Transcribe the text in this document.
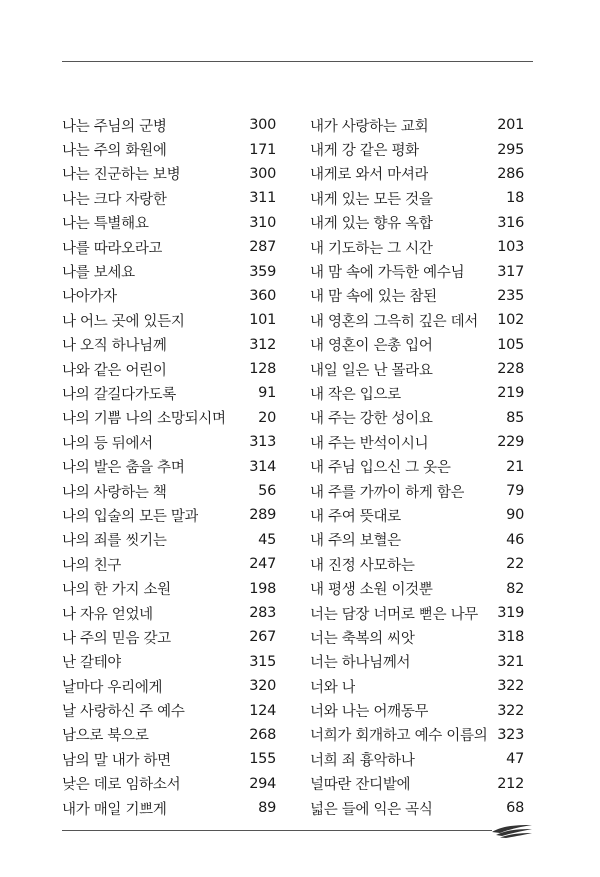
나는 주님의 군병	300
나는 주의 화원에	171
나는 진군하는 보병	300
나는 크다 자랑한	311
나는 특별해요	310
나를 따라오라고	287
나를 보세요	359
나아가자	360
나 어느 곳에 있든지	101
나 오직 하나님께	312
나와 같은 어린이	128
나의 갈길다가도록	91
나의 기쁨 나의 소망되시며 20
나의 등 뒤에서	313
나의 발은 춤을 추며	314
나의 사랑하는 책	56
나의 입술의 모든 말과	289
나의 죄를 씻기는	45
나의 친구	247
나의 한 가지 소원	198
나 자유 얻었네	283
나 주의 믿음 갖고	267
난 갈테야	315
날마다 우리에게	320
날 사랑하신 주 예수	124
남으로 북으로	268
남의 말 내가 하면	155
낮은 데로 임하소서	294
내가 매일 기쁘게	89
내가 사랑하는 교회	201
내게 강 같은 평화	295
내게로 와서 마셔라	286
내게 있는 모든 것을	18
내게 있는 향유 옥합	316
내 기도하는 그 시간	103
내 맘 속에 가득한 예수님 317
내 맘 속에 있는 참된	235
내 영혼의 그윽히 깊은 데서 102
내 영혼이 은총 입어	105
내일 일은 난 몰라요	228
내 작은 입으로	219
내 주는 강한 성이요	85
내 주는 반석이시니	229
내 주님 입으신 그 옷은	21
내 주를 가까이 하게 함은	79
내 주여 뜻대로	90
내 주의 보혈은	46
내 진정 사모하는	22
내 평생 소원 이것뿐	82
너는 담장 너머로 뻗은 나무 319
너는 축복의 씨앗	318
너는 하나님께서	321
너와 나	322
너와 나는 어깨동무	322
너희가 회개하고 예수 이름의 323
너희 죄 흉악하나	47
널따란 잔디밭에	212
넓은 들에 익은 곡식	68
